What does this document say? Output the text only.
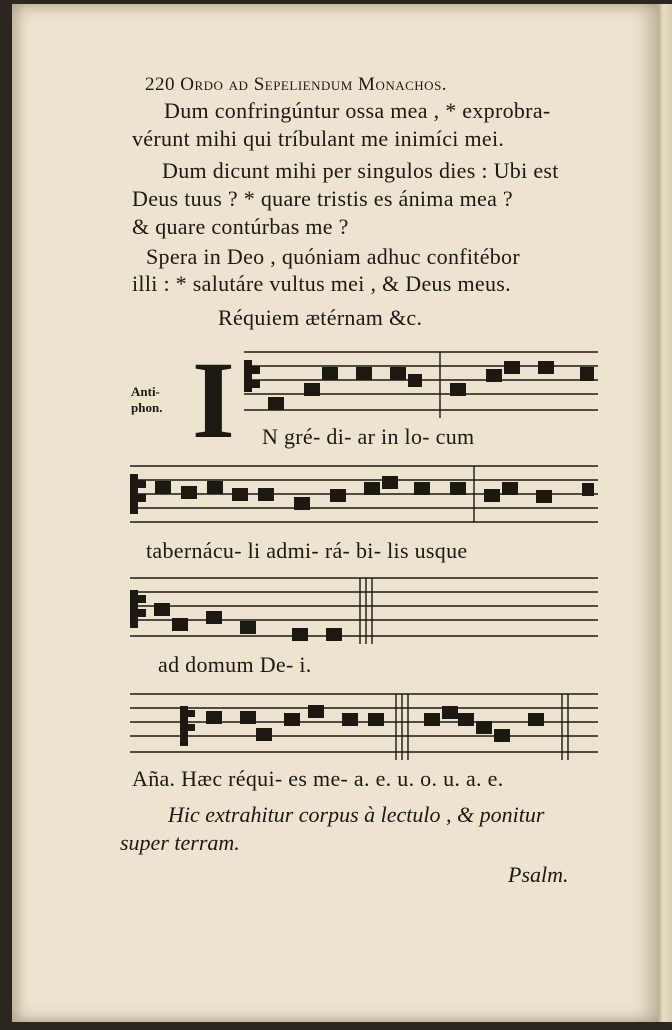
220 Ordo ad Sepeliendum Monachos.
Dum confringúntur ossa mea , * exprobra-
vérunt mihi qui tríbulant me inimíci mei.
Dum dicunt mihi per singulos dies : Ubi est
Deus tuus ? * quare tristis es ánima mea ?
& quare contúrbas me ?
Spera in Deo , quóniam adhuc confitébor
illi : * salutáre vultus mei , & Deus meus.
Réquiem ætérnam &c.
Anti-
phon. I N gré- di- ar in lo- cum
tabernácu- li admi- rá- bi- lis usque
ad domum De- i.
Aña. Hæc réqui- es me- a. e. u. o. u. a. e.
Hic extrahitur corpus à lectulo , & ponitur
super terram.
Psalm.
